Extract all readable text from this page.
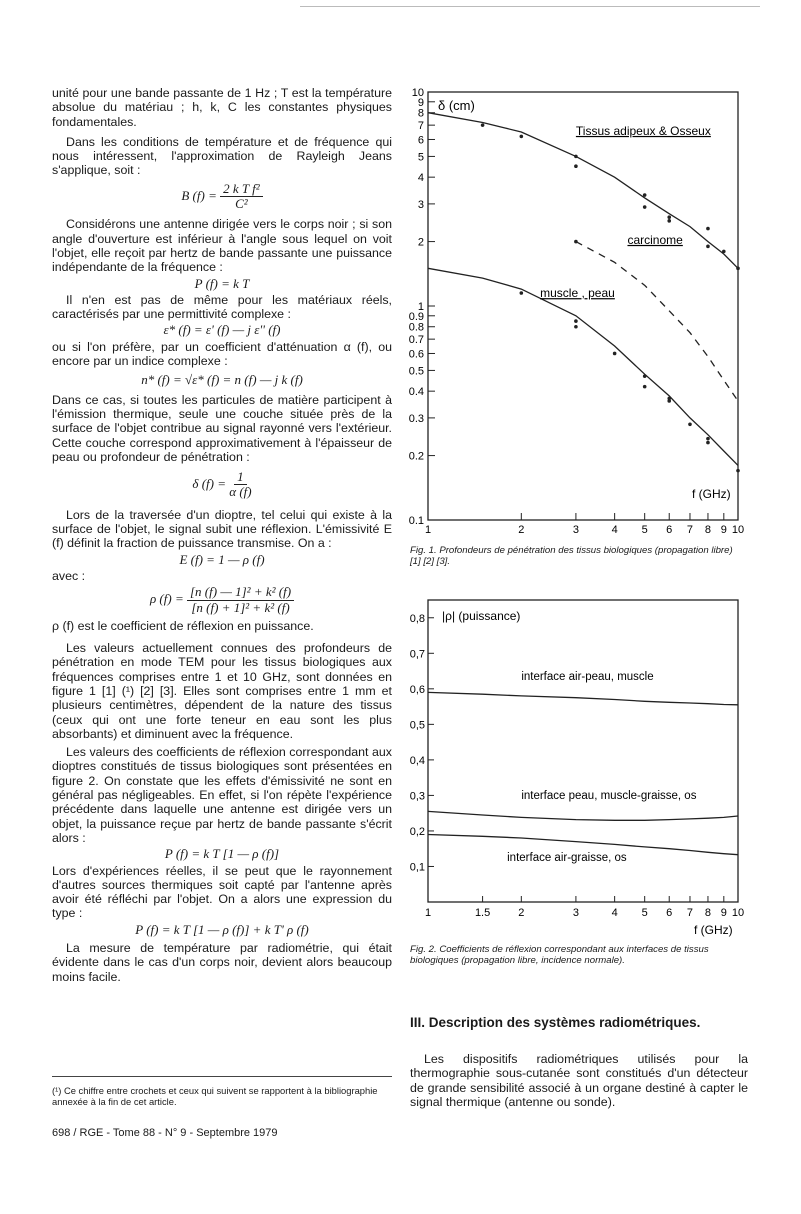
unité pour une bande passante de 1 Hz ; T est la température absolue du matériau ; h, k, C les constantes physiques fondamentales.

Dans les conditions de température et de fréquence qui nous intéressent, l'approximation de Rayleigh Jeans s'applique, soit :

B $(f) = \frac{\text{2 k T f²}}{\text{C²}}$

Considérons une antenne dirigée vers le corps noir ; si son angle d'ouverture est inférieur à l'angle sous lequel on voit l'objet, elle reçoit par hertz de bande passante une puissance indépendante de la fréquence :

P (f) = k T

Il n'en est pas de même pour les matériaux réels, caractérisés par une permittivité complexe :

ε* (f) = ε' (f) — j ε'' (f)

ou si l'on préfère, par un coefficient d'atténuation α (f), ou encore par un indice complexe :

n* (f) = √ε* (f) = n (f) — j k (f)

Dans ce cas, si toutes les particules de matière participent à l'émission thermique, seule une couche située près de la surface de l'objet contribue au signal rayonné vers l'extérieur. Cette couche correspond approximativement à l'épaisseur de peau ou profondeur de pénétration :

δ $(f) = \frac{1}{\alpha (f)}$

Lors de la traversée d'un dioptre, tel celui qui existe à la surface de l'objet, le signal subit une réflexion. L'émissivité E (f) définit la fraction de puissance transmise. On a :

E (f) = 1 — ρ (f)

avec :

ρ $(f) = \frac{\text{[n (f) — 1]² + k² (f)}}{\text{[n (f) + 1]² + k² (f)}}$

ρ (f) est le coefficient de réflexion en puissance.

Les valeurs actuellement connues des profondeurs de pénétration en mode TEM pour les tissus biologiques aux fréquences comprises entre 1 et 10 GHz, sont données en figure 1 [1] (¹) [2] [3]. Elles sont comprises entre 1 mm et plusieurs centimètres, dépendent de la nature des tissus (ceux qui ont une forte teneur en eau sont les plus absorbants) et diminuent avec la fréquence.

Les valeurs des coefficients de réflexion correspondant aux dioptres constitués de tissus biologiques sont présentées en figure 2. On constate que les effets d'émissivité ne sont en général pas négligeables. En effet, si l'on répète l'expérience précédente dans laquelle une antenne est dirigée vers un objet, la puissance reçue par hertz de bande passante s'écrit alors :

P (f) = k T [1 — ρ (f)]

Lors d'expériences réelles, il se peut que le rayonnement d'autres sources thermiques soit capté par l'antenne après avoir été réfléchi par l'objet. On a alors une expression du type :

P (f) = k T [1 — ρ (f)] + k T' ρ (f)

La mesure de température par radiométrie, qui était évidente dans le cas d'un corps noir, devient alors beaucoup moins facile.

(¹) Ce chiffre entre crochets et ceux qui suivent se rapportent à la bibliographie annexée à la fin de cet article.
698 / RGE - Tome 88 - N° 9 - Septembre 1979
0.1
0.2
0.3
0.4
0.5
0.6
0.7
0.8
0.9
1
2
3
4
5
6
7
8
9
10
1	2	3	4 5 6 7 8 9 10
δ (cm)
f (GHz)
Tissus adipeux & Osseux
carcinome
muscle , peau
Fig. 1. Profondeurs de pénétration des tissus biologiques (propagation libre) [1] [2] [3].
0,1
0,2
0,3
0,4
0,5
0,6
0,7
0,8
1	1.5	2	3	4 5 6 7 8 9 10
|ρ| (puissance)
f (GHz)
interface air-peau, muscle
interface peau, muscle-graisse, os
interface air-graisse, os
Fig. 2. Coefficients de réflexion correspondant aux interfaces de tissus biologiques (propagation libre, incidence normale).
III. Description des systèmes radiométriques.

Les dispositifs radiométriques utilisés pour la thermographie sous-cutanée sont constitués d'un détecteur de grande sensibilité associé à un organe destiné à capter le signal thermique (antenne ou sonde).
